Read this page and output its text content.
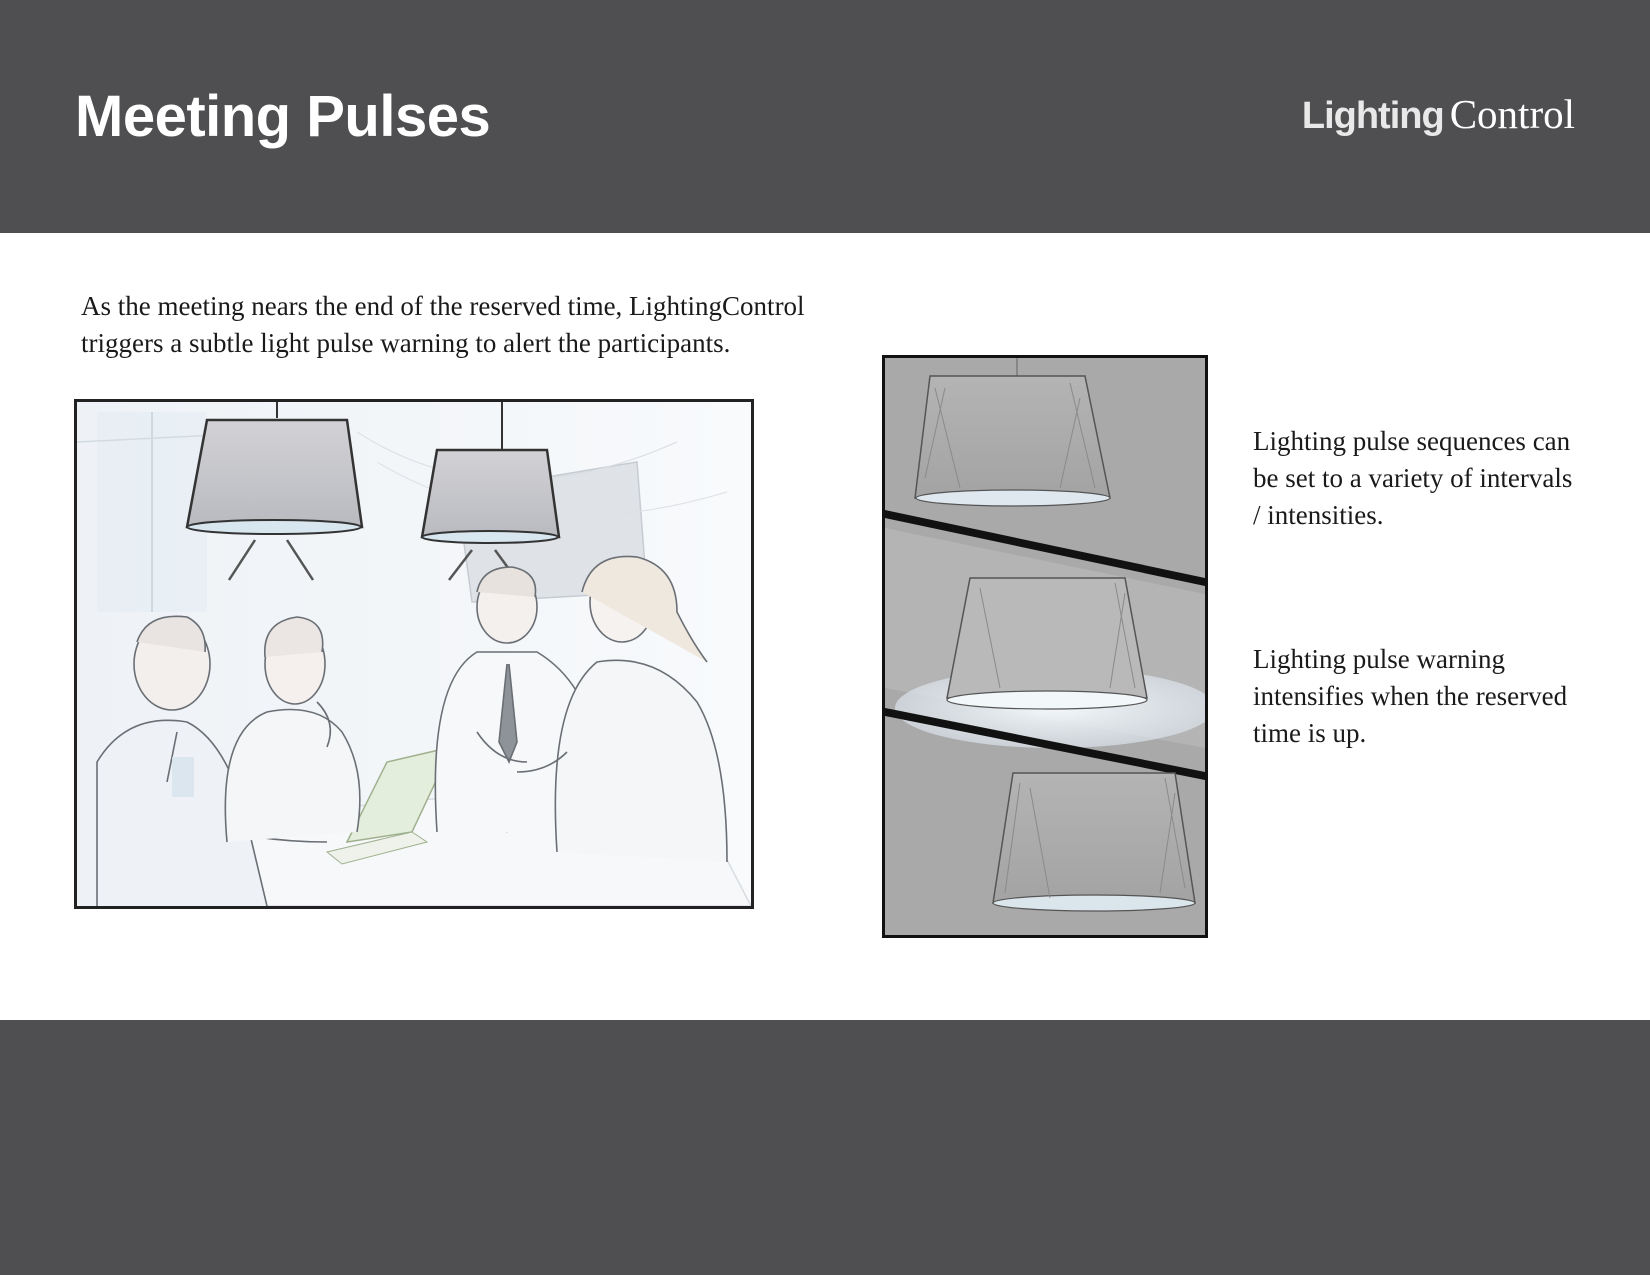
Meeting Pulses	Lighting Control

As the meeting nears the end of the reserved time, LightingControl triggers a subtle light pulse warning to alert the participants.

Lighting pulse sequences can be set to a variety of intervals / intensities.

Lighting pulse warning intensifies when the reserved time is up.
